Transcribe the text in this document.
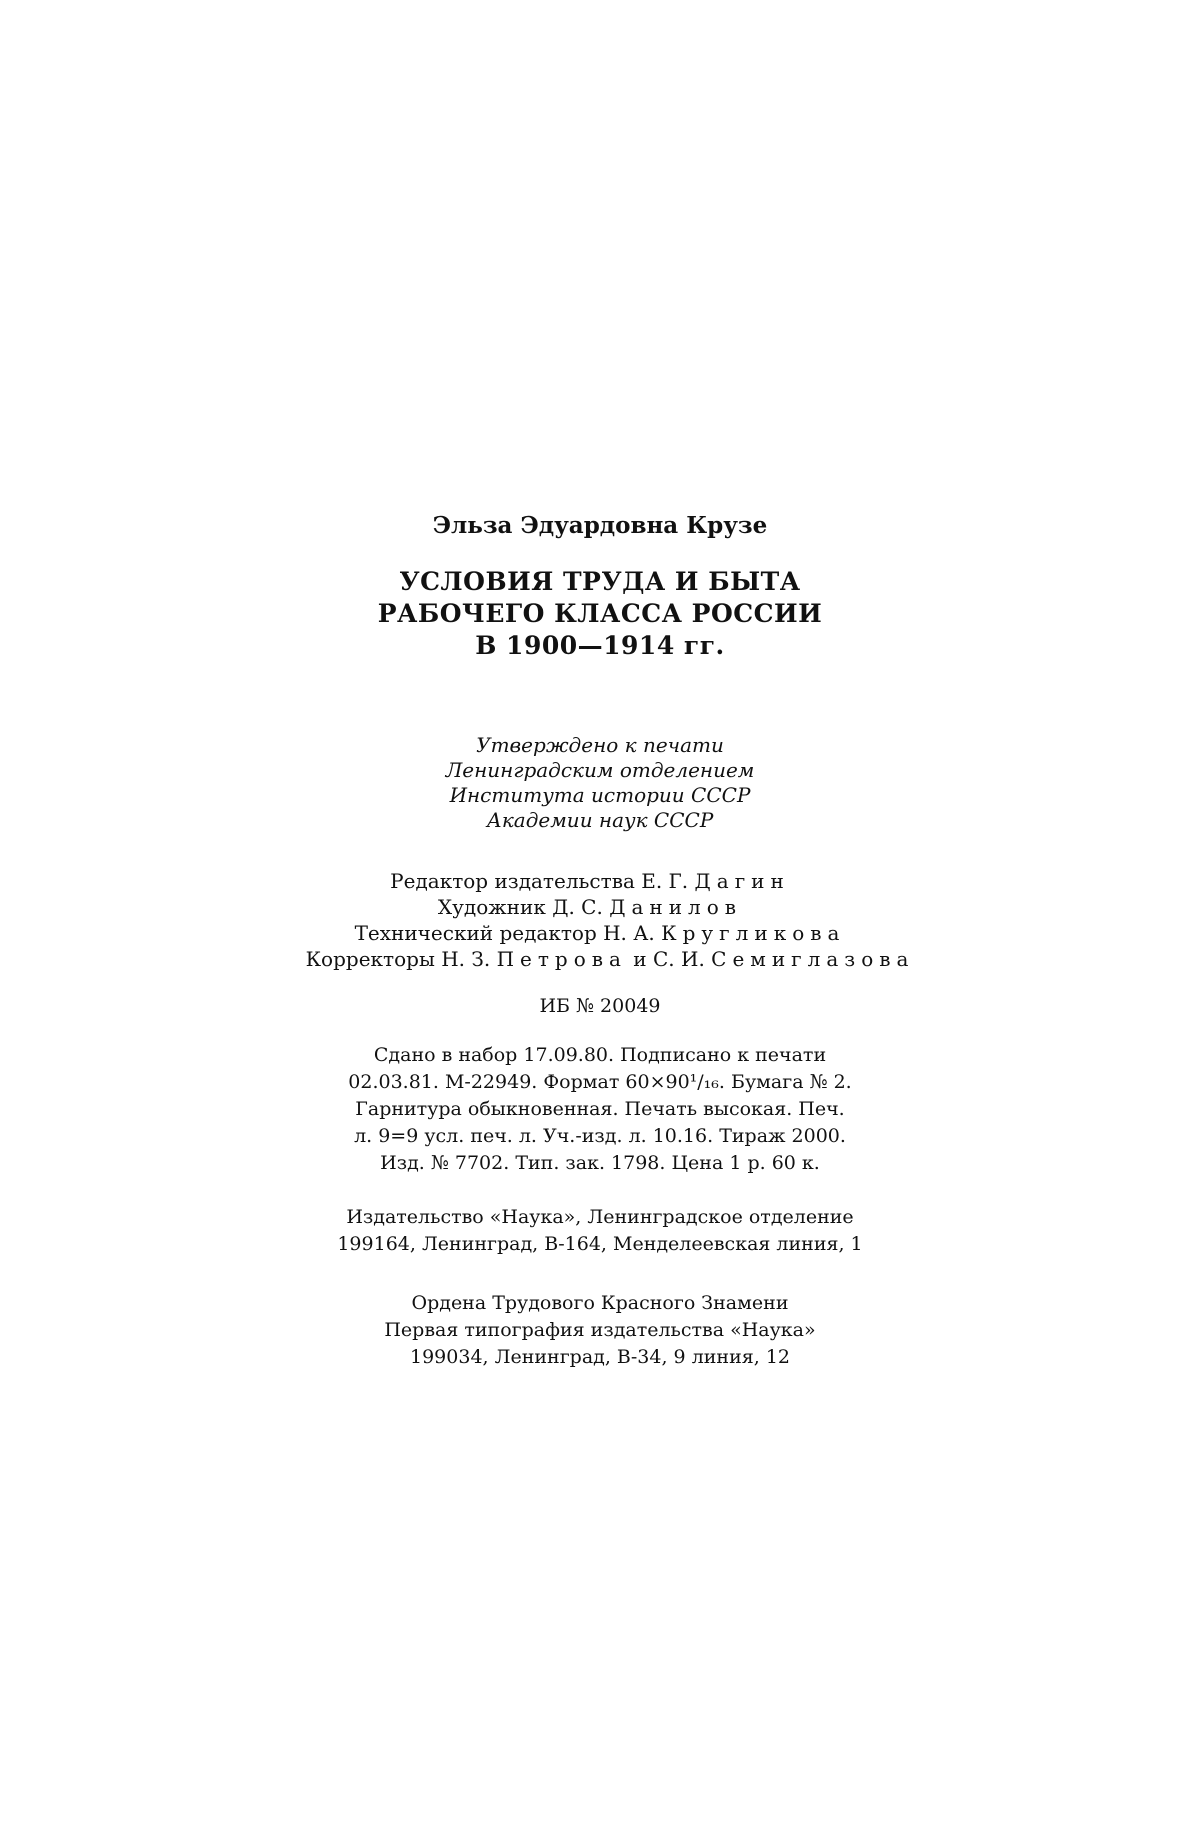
Эльза Эдуардовна Крузе
УСЛОВИЯ ТРУДА И БЫТА
РАБОЧЕГО КЛАССА РОССИИ
В 1900—1914 гг.
Утверждено к печати
Ленинградским отделением
Института истории СССР
Академии наук СССР
Редактор издательства Е. Г. Дагин
Художник Д. С. Данилов
Технический редактор Н. А. Кругликова
Корректоры Н. З. Петрова и С. И. Семиглазова
ИБ № 20049
Сдано в набор 17.09.80. Подписано к печати
02.03.81. М-22949. Формат 60×90¹/₁₆. Бумага № 2.
Гарнитура обыкновенная. Печать высокая. Печ.
л. 9=9 усл. печ. л. Уч.-изд. л. 10.16. Тираж 2000.
Изд. № 7702. Тип. зак. 1798. Цена 1 р. 60 к.
Издательство «Наука», Ленинградское отделение
199164, Ленинград, В-164, Менделеевская линия, 1
Ордена Трудового Красного Знамени
Первая типография издательства «Наука»
199034, Ленинград, В-34, 9 линия, 12
